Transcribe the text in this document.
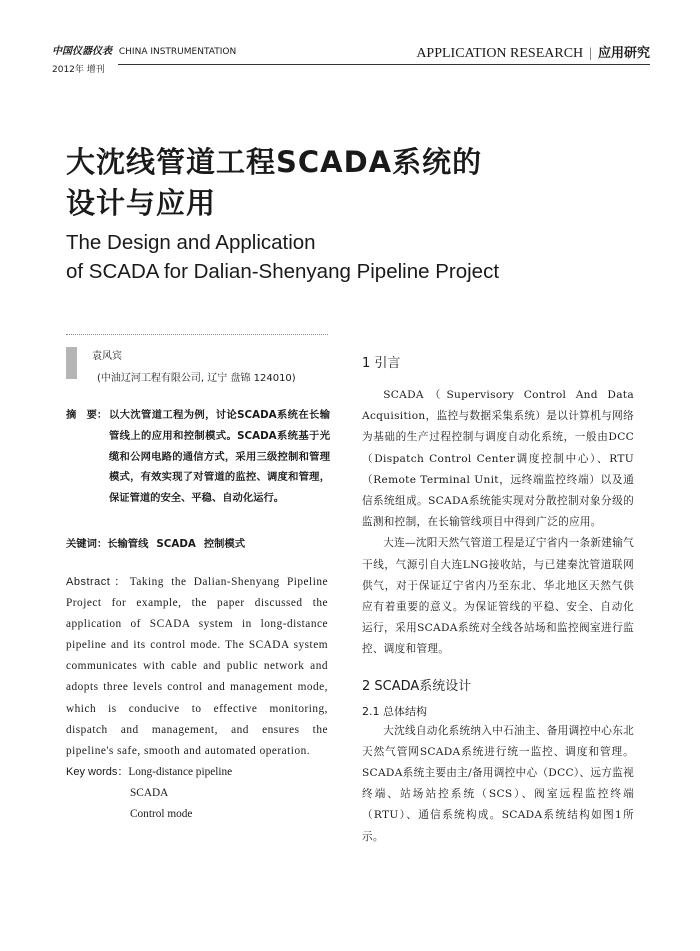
中国仪器仪表 CHINA INSTRUMENTATION
2012年 增刊
APPLICATION RESEARCH | 应用研究
大沈线管道工程SCADA系统的
设计与应用
The Design and Application
of SCADA for Dalian-Shenyang Pipeline Project
袁风宾
(中油辽河工程有限公司, 辽宁 盘锦 124010)
摘　要： 以大沈管道工程为例，讨论SCADA系统在长输管线上的应用和控制模式。SCADA系统基于光缆和公网电路的通信方式，采用三级控制和管理模式，有效实现了对管道的监控、调度和管理，保证管道的安全、平稳、自动化运行。
关键词：长输管线 SCADA 控制模式
Abstract：Taking the Dalian-Shenyang Pipeline Project for example, the paper discussed the application of SCADA system in long-distance pipeline and its control mode. The SCADA system communicates with cable and public network and adopts three levels control and management mode, which is conducive to effective monitoring, dispatch and management, and ensures the pipeline's safe, smooth and automated operation.
Key words：Long-distance pipeline
SCADA
Control mode
1 引言

SCADA（Supervisory Control And Data Acquisition，监控与数据采集系统）是以计算机与网络为基础的生产过程控制与调度自动化系统，一般由DCC（Dispatch Control Center调度控制中心）、RTU（Remote Terminal Unit，远终端监控终端）以及通信系统组成。SCADA系统能实现对分散控制对象分级的监测和控制，在长输管线项目中得到广泛的应用。

大连—沈阳天然气管道工程是辽宁省内一条新建输气干线，气源引自大连LNG接收站，与已建秦沈管道联网供气，对于保证辽宁省内乃至东北、华北地区天然气供应有着重要的意义。为保证管线的平稳、安全、自动化运行，采用SCADA系统对全线各站场和监控阀室进行监控、调度和管理。

2 SCADA系统设计
2.1 总体结构

大沈线自动化系统纳入中石油主、备用调控中心东北天然气管网SCADA系统进行统一监控、调度和管理。SCADA系统主要由主/备用调控中心（DCC）、远方监视终端、站场站控系统（SCS）、阀室远程监控终端（RTU）、通信系统构成。SCADA系统结构如图1所示。
